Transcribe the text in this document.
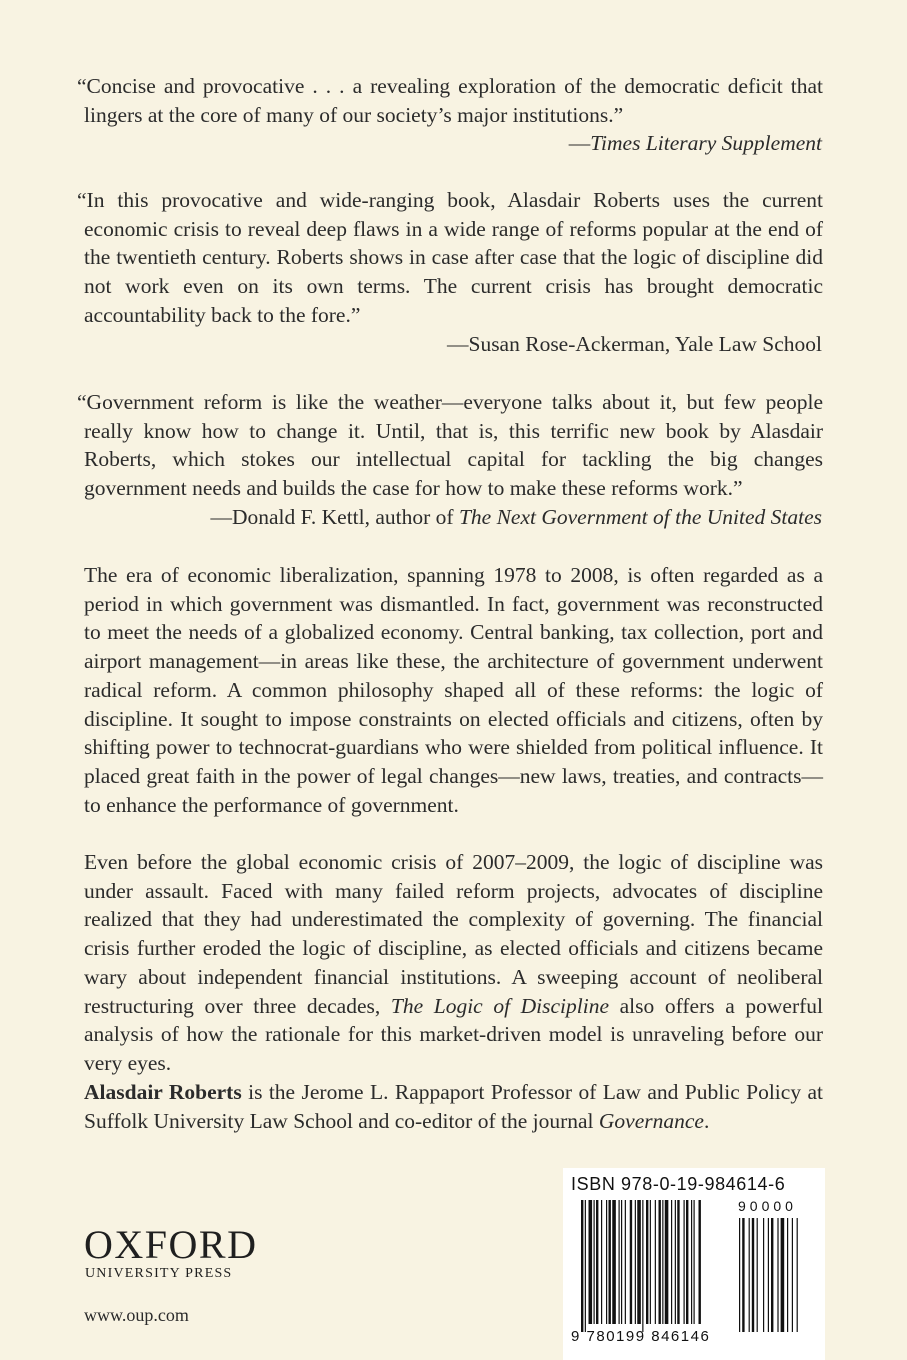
“Concise and provocative . . . a revealing exploration of the democratic deficit that lingers at the core of many of our society’s major institutions.”

—Times Literary Supplement

“In this provocative and wide-ranging book, Alasdair Roberts uses the current economic crisis to reveal deep flaws in a wide range of reforms popular at the end of the twentieth century. Roberts shows in case after case that the logic of discipline did not work even on its own terms. The current crisis has brought democratic accountability back to the fore.”

—Susan Rose-Ackerman, Yale Law School

“Government reform is like the weather—everyone talks about it, but few people really know how to change it. Until, that is, this terrific new book by Alasdair Roberts, which stokes our intellectual capital for tackling the big changes government needs and builds the case for how to make these reforms work.”

—Donald F. Kettl, author of The Next Government of the United States

The era of economic liberalization, spanning 1978 to 2008, is often regarded as a period in which government was dismantled. In fact, government was reconstructed to meet the needs of a globalized economy. Central banking, tax collection, port and airport management—in areas like these, the architecture of government underwent radical reform. A common philosophy shaped all of these reforms: the logic of discipline. It sought to impose constraints on elected officials and citizens, often by shifting power to technocrat-guardians who were shielded from political influence. It placed great faith in the power of legal changes—new laws, treaties, and contracts—to enhance the performance of government.

Even before the global economic crisis of 2007–2009, the logic of discipline was under assault. Faced with many failed reform projects, advocates of discipline realized that they had underestimated the complexity of governing. The financial crisis further eroded the logic of discipline, as elected officials and citizens became wary about independent financial institutions. A sweeping account of neoliberal restructuring over three decades, The Logic of Discipline also offers a powerful analysis of how the rationale for this market-driven model is unraveling before our very eyes.

Alasdair Roberts is the Jerome L. Rappaport Professor of Law and Public Policy at Suffolk University Law School and co-editor of the journal Governance.

OXFORD
UNIVERSITY PRESS
www.oup.com
ISBN 978-0-19-984614-6
90000
9 780199 846146
